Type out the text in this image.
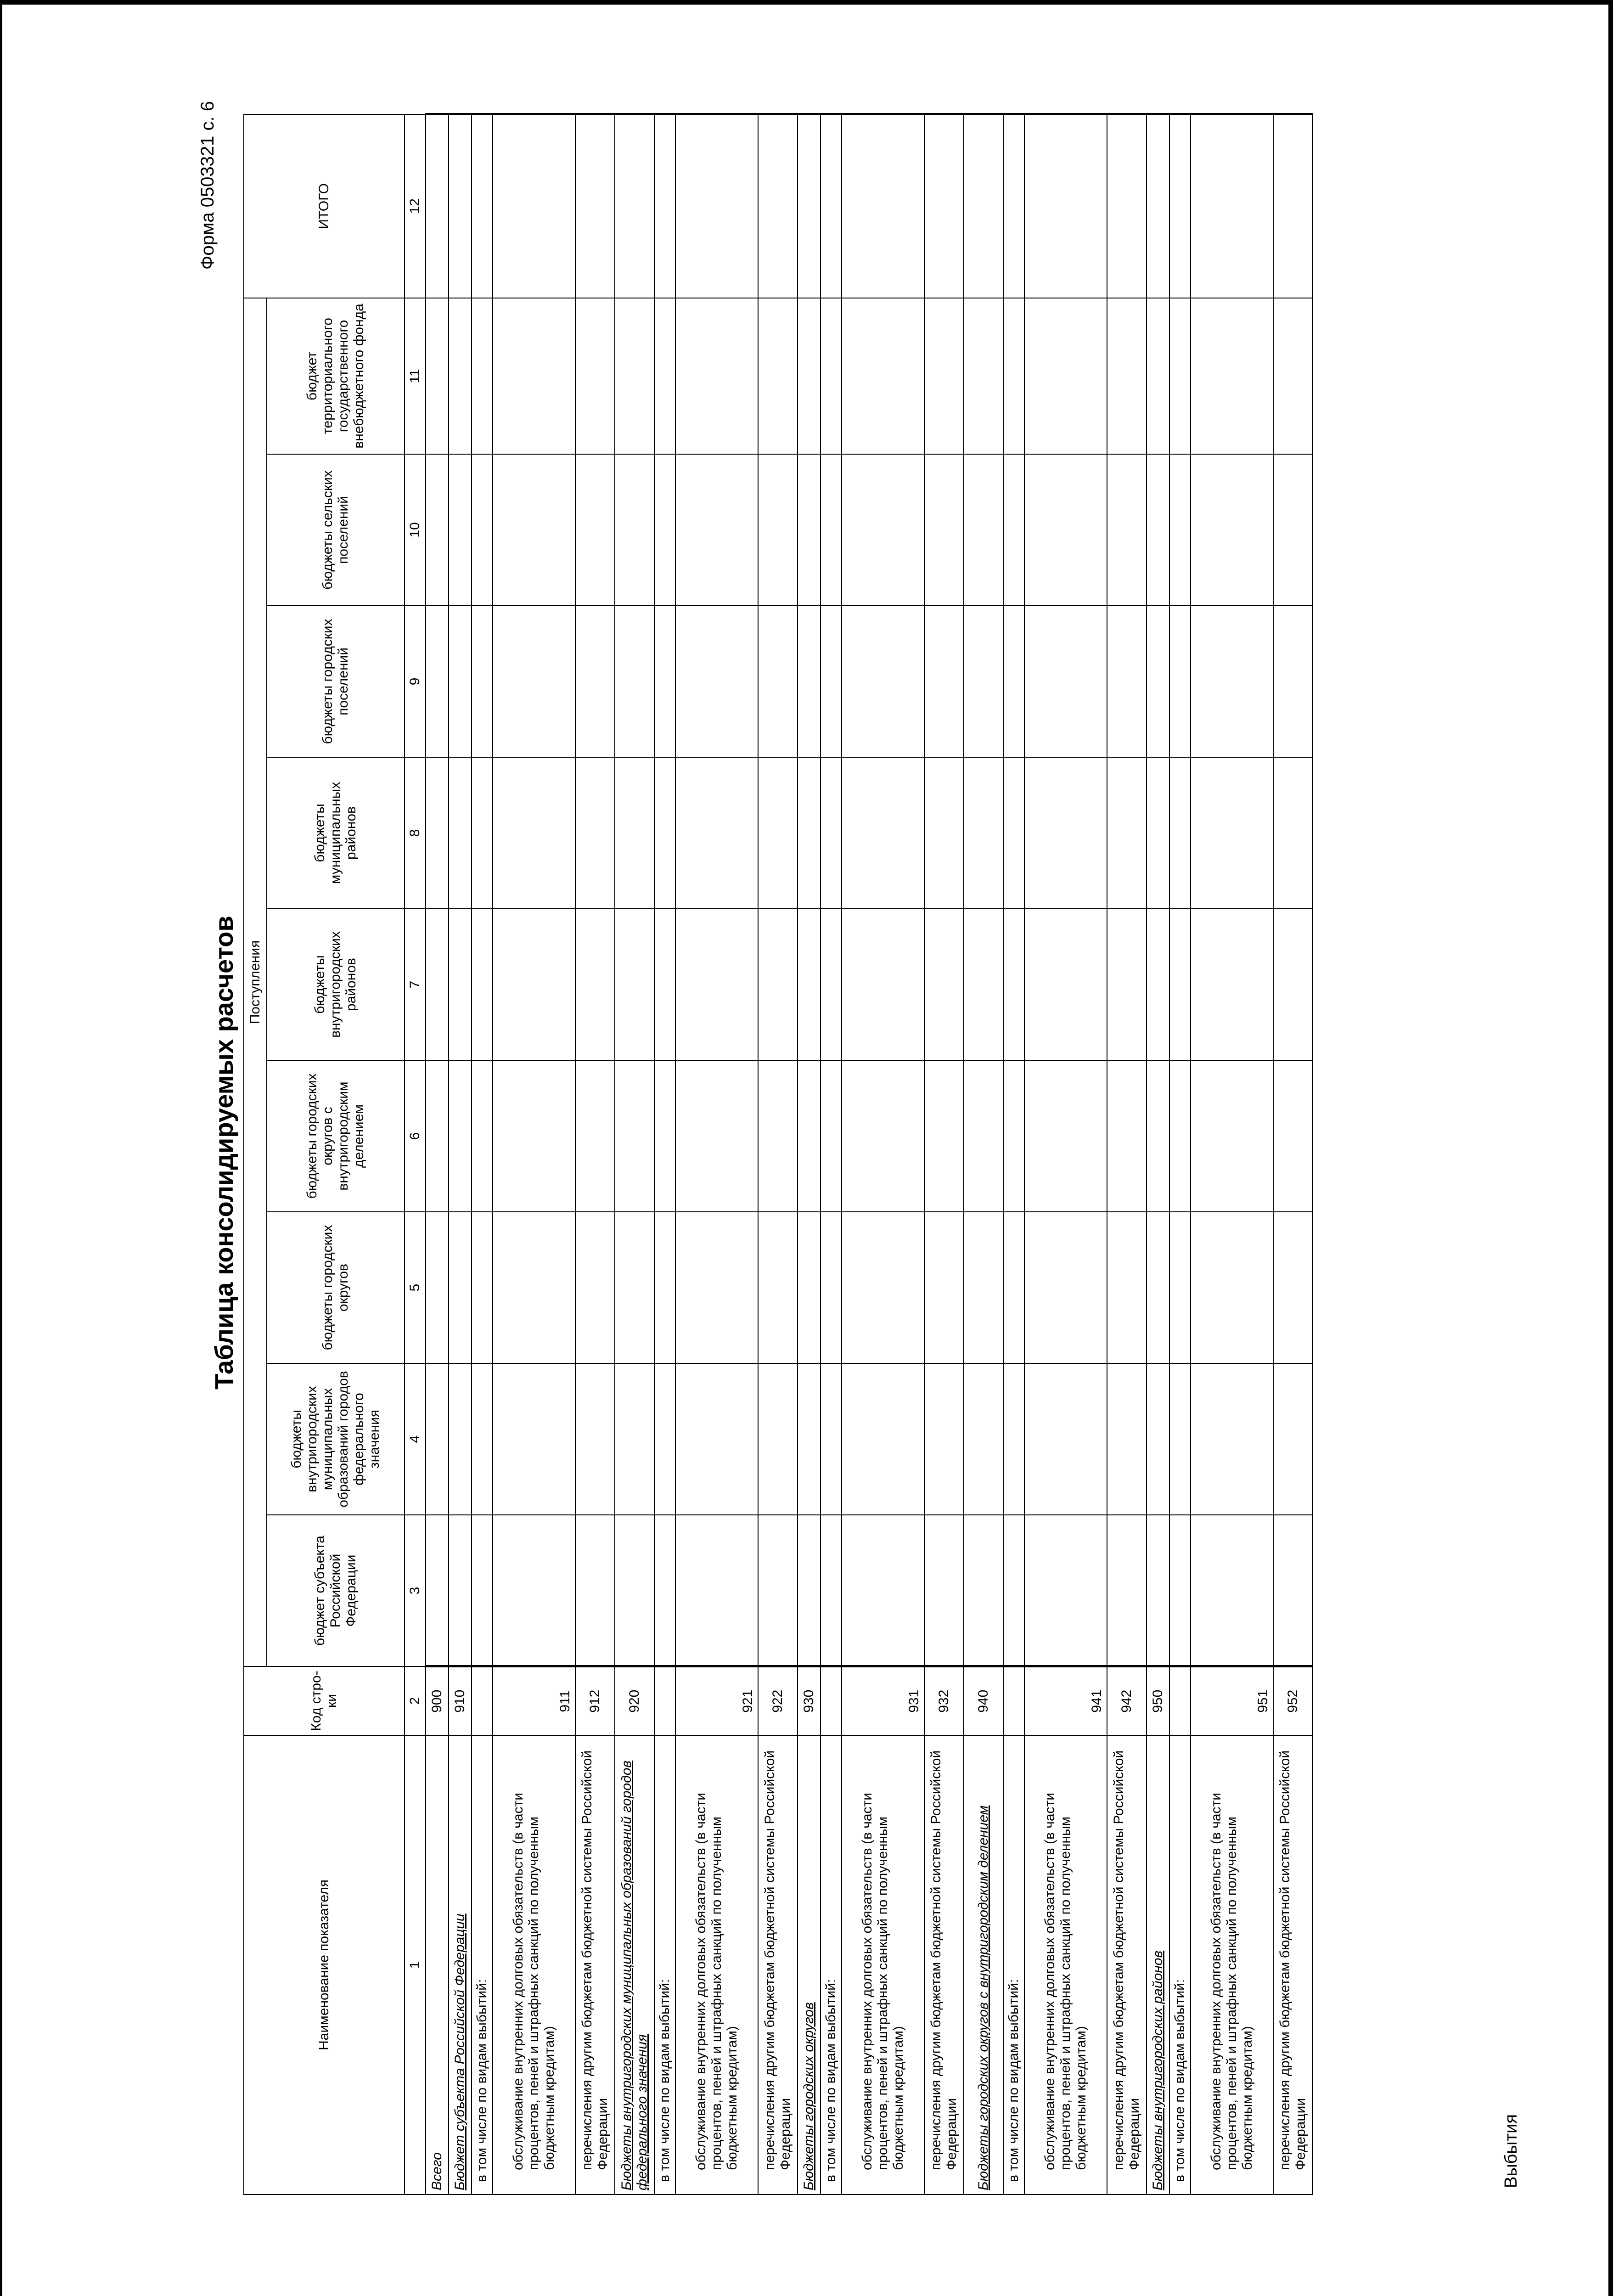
Форма 0503321 с. 6
Таблица консолидируемых расчетов
Выбытия
Наименование показателя	Код стро-ки	Поступления									ИТОГО
		бюджет субъекта Российской Федерации	бюджеты внутригородских муниципальных образований городов федерального значения	бюджеты городских округов	бюджеты городских округов с внутригородским делением	бюджеты внутригородских районов	бюджеты муниципальных районов	бюджеты городских поселений	бюджеты сельских поселений	бюджет территориального государственного внебюджетного фонда	
1	2	3	4	5	6	7	8	9	10	11	12
Всего	900										
Бюджет субъекта Российской Федерации	910										
в том числе по видам выбытий:											
обслуживание внутренних долговых обязательств (в части процентов, пеней и штрафных санкций по полученным бюджетным кредитам)	911										
перечисления другим бюджетам бюджетной системы Российской Федерации	912										
Бюджеты внутригородских муниципальных образований городов федерального значения	920										
в том числе по видам выбытий:											
обслуживание внутренних долговых обязательств (в части процентов, пеней и штрафных санкций по полученным бюджетным кредитам)	921										
перечисления другим бюджетам бюджетной системы Российской Федерации	922										
Бюджеты городских округов	930										
в том числе по видам выбытий:											
обслуживание внутренних долговых обязательств (в части процентов, пеней и штрафных санкций по полученным бюджетным кредитам)	931										
перечисления другим бюджетам бюджетной системы Российской Федерации	932										
Бюджеты городских округов с внутригородским делением	940										
в том числе по видам выбытий:											
обслуживание внутренних долговых обязательств (в части процентов, пеней и штрафных санкций по полученным бюджетным кредитам)	941										
перечисления другим бюджетам бюджетной системы Российской Федерации	942										
Бюджеты внутригородских районов	950										
в том числе по видам выбытий:											
обслуживание внутренних долговых обязательств (в части процентов, пеней и штрафных санкций по полученным бюджетным кредитам)	951										
перечисления другим бюджетам бюджетной системы Российской Федерации	952										
